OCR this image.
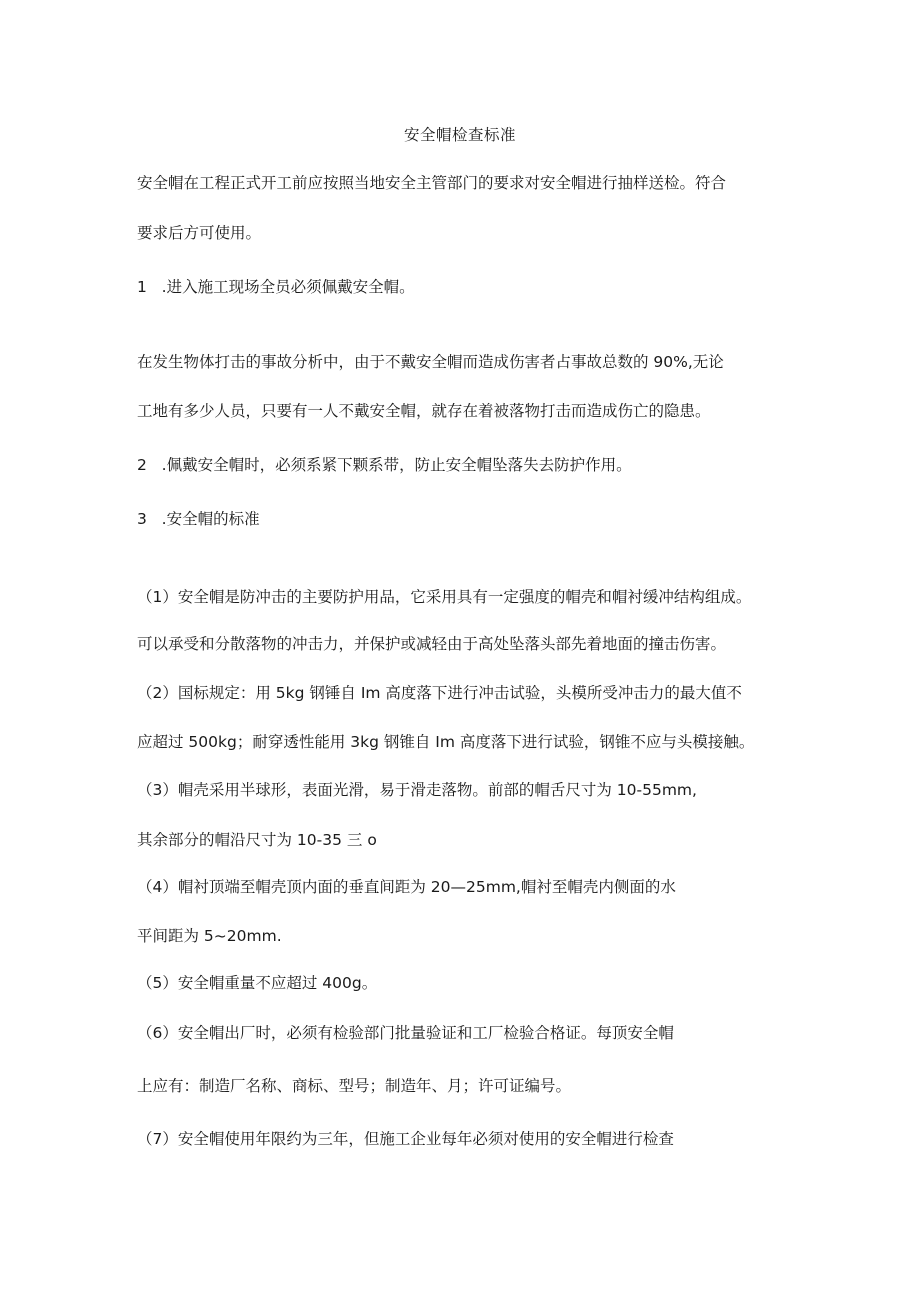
安全帽检查标准
安全帽在工程正式开工前应按照当地安全主管部门的要求对安全帽进行抽样送检。符合
要求后方可使用。
1   .进入施工现场全员必须佩戴安全帽。
在发生物体打击的事故分析中，由于不戴安全帽而造成伤害者占事故总数的 90%,无论
工地有多少人员，只要有一人不戴安全帽，就存在着被落物打击而造成伤亡的隐患。
2   .佩戴安全帽时，必须系紧下颗系带，防止安全帽坠落失去防护作用。
3   .安全帽的标准
（1）安全帽是防冲击的主要防护用品，它采用具有一定强度的帽壳和帽衬缓冲结构组成。
可以承受和分散落物的冲击力，并保护或减轻由于高处坠落头部先着地面的撞击伤害。
（2）国标规定：用 5kg 钢锤自 Im 高度落下进行冲击试验，头模所受冲击力的最大值不
应超过 500kg；耐穿透性能用 3kg 钢锥自 Im 高度落下进行试验，钢锥不应与头模接触。
（3）帽壳采用半球形，表面光滑，易于滑走落物。前部的帽舌尺寸为 10-55mm,
其余部分的帽沿尺寸为 10-35 三 o
（4）帽衬顶端至帽壳顶内面的垂直间距为 20—25mm,帽衬至帽壳内侧面的水
平间距为 5~20mm.
（5）安全帽重量不应超过 400g。
（6）安全帽出厂时，必须有检验部门批量验证和工厂检验合格证。每顶安全帽
上应有：制造厂名称、商标、型号；制造年、月；许可证编号。
（7）安全帽使用年限约为三年，但施工企业每年必须对使用的安全帽进行检查
